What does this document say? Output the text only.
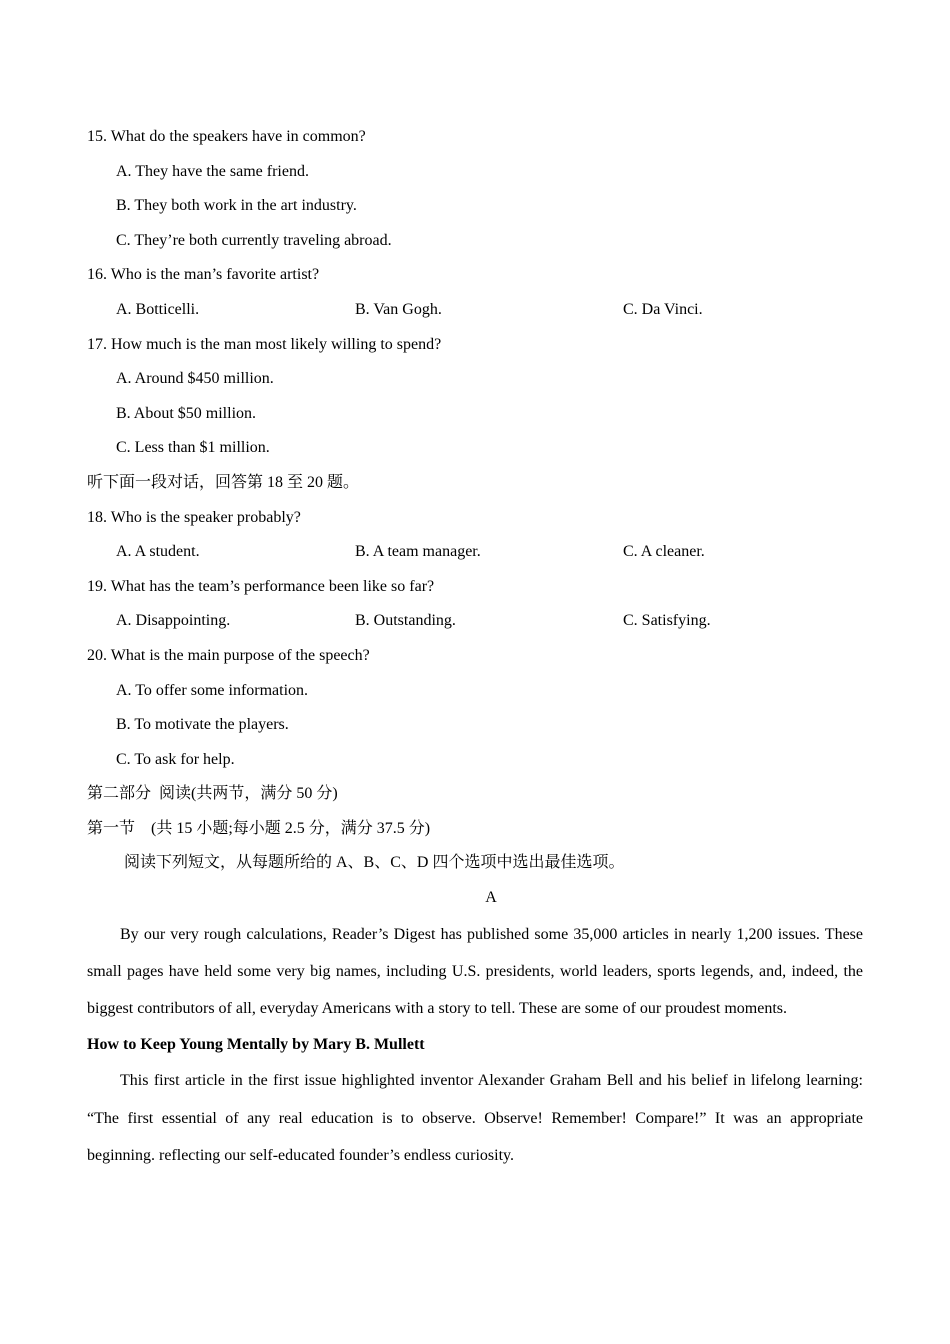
15. What do the speakers have in common?
A. They have the same friend.
B. They both work in the art industry.
C. They’re both currently traveling abroad.
16. Who is the man’s favorite artist?
A. Botticelli.	B. Van Gogh.	C. Da Vinci.
17. How much is the man most likely willing to spend?
A. Around $450 million.
B. About $50 million.
C. Less than $1 million.
听下面一段对话，回答第 18 至 20 题。
18. Who is the speaker probably?
A. A student.	B. A team manager.	C. A cleaner.
19. What has the team’s performance been like so far?
A. Disappointing.	B. Outstanding.	C. Satisfying.
20. What is the main purpose of the speech?
A. To offer some information.
B. To motivate the players.
C. To ask for help.
第二部分  阅读(共两节，满分 50 分)
第一节    (共 15 小题;每小题 2.5 分，满分 37.5 分)
阅读下列短文，从每题所给的 A、B、C、D 四个选项中选出最佳选项。
A

By our very rough calculations, Reader’s Digest has published some 35,000 articles in nearly 1,200 issues. These small pages have held some very big names, including U.S. presidents, world leaders, sports legends, and, indeed, the biggest contributors of all, everyday Americans with a story to tell. These are some of our proudest moments.

How to Keep Young Mentally by Mary B. Mullett

This first article in the first issue highlighted inventor Alexander Graham Bell and his belief in lifelong learning: “The first essential of any real education is to observe. Observe! Remember! Compare!” It was an appropriate beginning. reflecting our self-educated founder’s endless curiosity.
